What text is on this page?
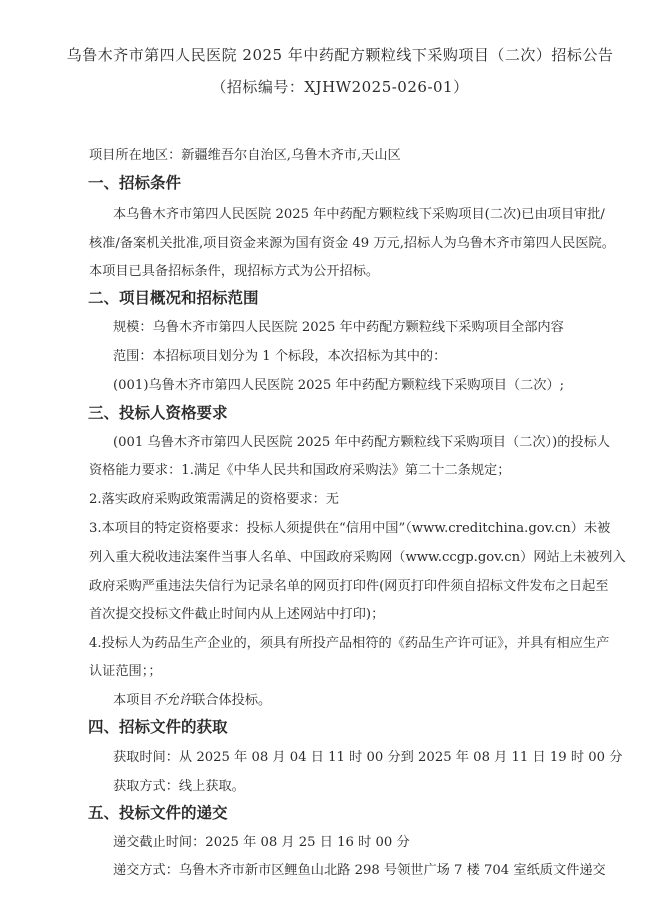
乌鲁木齐市第四人民医院 2025 年中药配方颗粒线下采购项目（二次）招标公告
（招标编号：XJHW2025-026-01）
项目所在地区：新疆维吾尔自治区,乌鲁木齐市,天山区
一、招标条件
本乌鲁木齐市第四人民医院 2025 年中药配方颗粒线下采购项目(二次)已由项目审批/
核准/备案机关批准,项目资金来源为国有资金 49 万元,招标人为乌鲁木齐市第四人民医院。
本项目已具备招标条件，现招标方式为公开招标。
二、项目概况和招标范围
规模：乌鲁木齐市第四人民医院 2025 年中药配方颗粒线下采购项目全部内容
范围：本招标项目划分为 1 个标段，本次招标为其中的：
(001)乌鲁木齐市第四人民医院 2025 年中药配方颗粒线下采购项目（二次）;
三、投标人资格要求
(001 乌鲁木齐市第四人民医院 2025 年中药配方颗粒线下采购项目（二次）)的投标人
资格能力要求：1.满足《中华人民共和国政府采购法》第二十二条规定；
2.落实政府采购政策需满足的资格要求：无
3.本项目的特定资格要求：投标人须提供在“信用中国”（www.creditchina.gov.cn）未被
列入重大税收违法案件当事人名单、中国政府采购网（www.ccgp.gov.cn）网站上未被列入
政府采购严重违法失信行为记录名单的网页打印件(网页打印件须自招标文件发布之日起至
首次提交投标文件截止时间内从上述网站中打印)；
4.投标人为药品生产企业的，须具有所投产品相符的《药品生产许可证》，并具有相应生产
认证范围；；
本项目不允许联合体投标。
四、招标文件的获取
获取时间：从 2025 年 08 月 04 日 11 时 00 分到 2025 年 08 月 11 日 19 时 00 分
获取方式：线上获取。
五、投标文件的递交
递交截止时间：2025 年 08 月 25 日 16 时 00 分
递交方式：乌鲁木齐市新市区鲤鱼山北路 298 号领世广场 7 楼 704 室纸质文件递交
